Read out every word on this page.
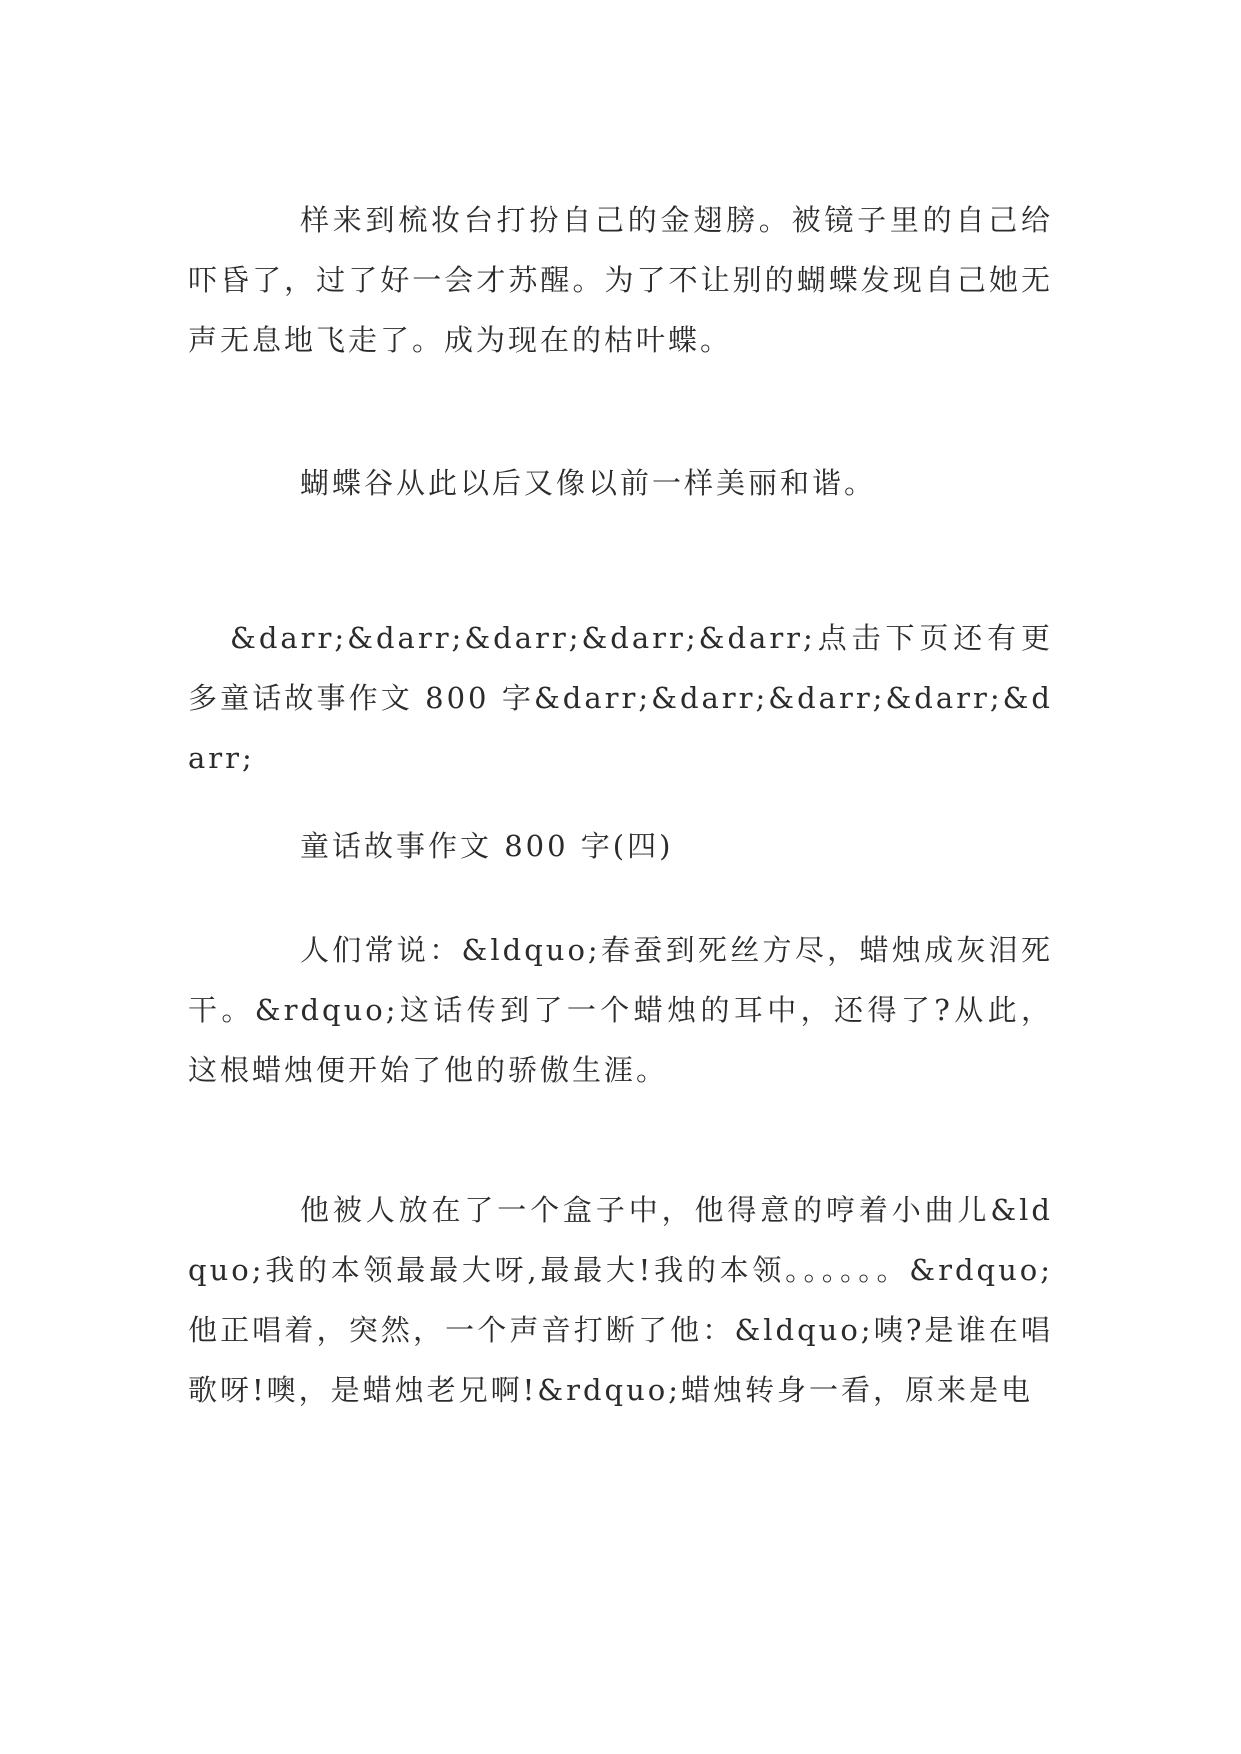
样来到梳妆台打扮自己的金翅膀。被镜子里的自己给吓昏了，过了好一会才苏醒。为了不让别的蝴蝶发现自己她无声无息地飞走了。成为现在的枯叶蝶。

蝴蝶谷从此以后又像以前一样美丽和谐。

&darr;&darr;&darr;&darr;&darr;点击下页还有更多童话故事作文 800 字&darr;&darr;&darr;&darr;&darr;

童话故事作文 800 字(四)

人们常说：&ldquo;春蚕到死丝方尽，蜡烛成灰泪死干。&rdquo;这话传到了一个蜡烛的耳中，还得了?从此，这根蜡烛便开始了他的骄傲生涯。

他被人放在了一个盒子中，他得意的哼着小曲儿&ldquo;我的本领最最大呀,最最大!我的本领。。。。。。&rdquo;他正唱着，突然，一个声音打断了他：&ldquo;咦?是谁在唱歌呀!噢，是蜡烛老兄啊!&rdquo;蜡烛转身一看，原来是电
